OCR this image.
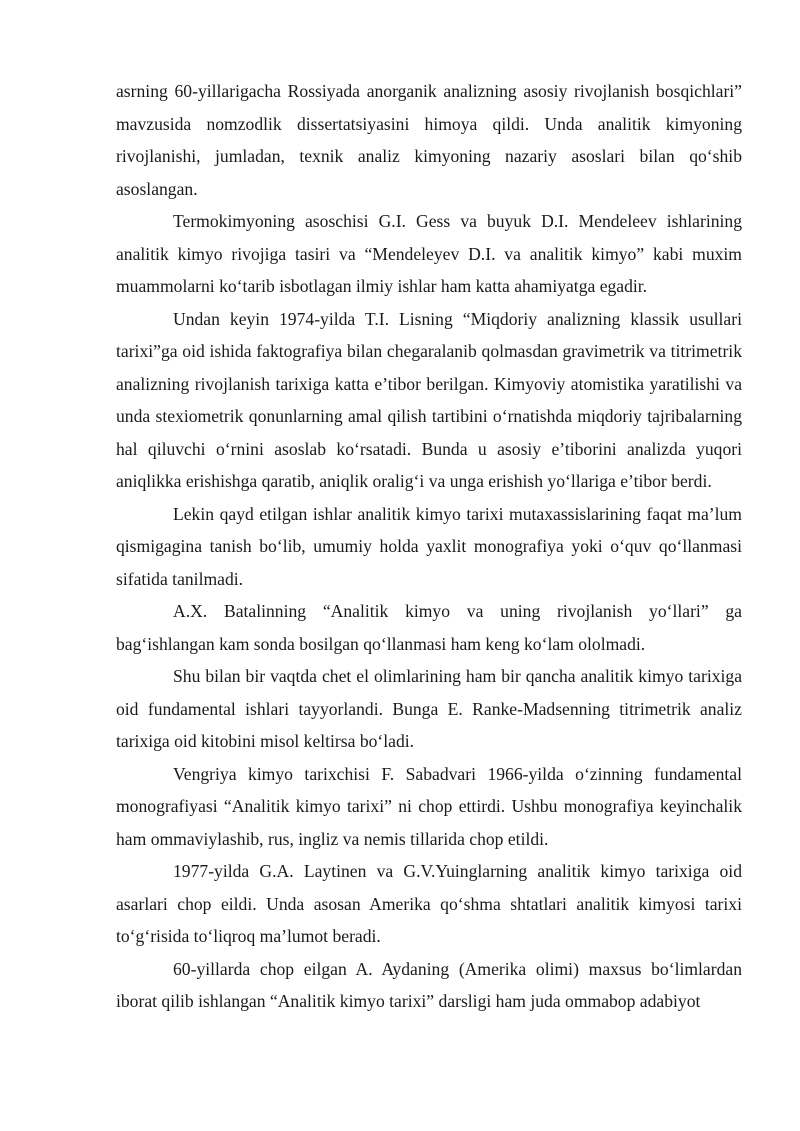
asrning 60-yillarigacha Rossiyada anorganik analizning asosiy rivojlanish bosqichlari” mavzusida nomzodlik dissertatsiyasini himoya qildi. Unda analitik kimyoning rivojlanishi, jumladan, texnik analiz kimyoning nazariy asoslari bilan qo‘shib asoslangan.

Termokimyoning asoschisi G.I. Gess va buyuk D.I. Mendeleev ishlarining analitik kimyo rivojiga tasiri va “Mendeleyev D.I. va analitik kimyo” kabi muxim muammolarni ko‘tarib isbotlagan ilmiy ishlar ham katta ahamiyatga egadir.

Undan keyin 1974-yilda T.I. Lisning “Miqdoriy analizning klassik usullari tarixi”ga oid ishida faktografiya bilan chegaralanib qolmasdan gravimetrik va titrimetrik analizning rivojlanish tarixiga katta e’tibor berilgan. Kimyoviy atomistika yaratilishi va unda stexiometrik qonunlarning amal qilish tartibini o‘rnatishda miqdoriy tajribalarning hal qiluvchi o‘rnini asoslab ko‘rsatadi. Bunda u asosiy e’tiborini analizda yuqori aniqlikka erishishga qaratib, aniqlik oralig‘i va unga erishish yo‘llariga e’tibor berdi.

Lekin qayd etilgan ishlar analitik kimyo tarixi mutaxassislarining faqat ma’lum qismigagina tanish bo‘lib, umumiy holda yaxlit monografiya yoki o‘quv qo‘llanmasi sifatida tanilmadi.

A.X. Batalinning “Analitik kimyo va uning rivojlanish yo‘llari” ga bag‘ishlangan kam sonda bosilgan qo‘llanmasi ham keng ko‘lam ololmadi.

Shu bilan bir vaqtda chet el olimlarining ham bir qancha analitik kimyo tarixiga oid fundamental ishlari tayyorlandi. Bunga E. Ranke-Madsenning titrimetrik analiz tarixiga oid kitobini misol keltirsa bo‘ladi.

Vengriya kimyo tarixchisi F. Sabadvari 1966-yilda o‘zinning fundamental monografiyasi “Analitik kimyo tarixi” ni chop ettirdi. Ushbu monografiya keyinchalik ham ommaviylashib, rus, ingliz va nemis tillarida chop etildi.

1977-yilda G.A. Laytinen va G.V.Yuinglarning analitik kimyo tarixiga oid asarlari chop eildi. Unda asosan Amerika qo‘shma shtatlari analitik kimyosi tarixi to‘g‘risida to‘liqroq ma’lumot beradi.

60-yillarda chop eilgan A. Aydaning (Amerika olimi) maxsus bo‘limlardan iborat qilib ishlangan “Analitik kimyo tarixi” darsligi ham juda ommabop adabiyot
